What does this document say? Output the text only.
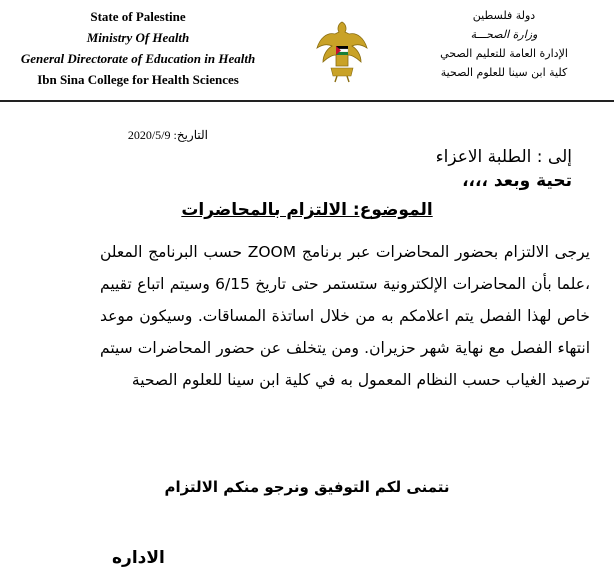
State of Palestine
Ministry Of Health
General Directorate of Education in Health
Ibn Sina College for Health Sciences
دولة فلسطين
وزارة الصحـــة
الإدارة العامة للتعليم الصحي
كلية ابن سينا للعلوم الصحية
التاريخ: 2020/5/9
إلى : الطلبة الاعزاء
تحية وبعد ،،،،
الموضوع: الالتزام بالمحاضرات

يرجى الالتزام بحضور المحاضرات عبر برنامج ZOOM حسب البرنامج المعلن ،علما بأن المحاضرات الإلكترونية ستستمر حتى تاريخ 6/15 وسيتم اتباع تقييم خاص لهذا الفصل يتم اعلامكم به من خلال اساتذة المساقات. وسيكون موعد انتهاء الفصل مع نهاية شهر حزيران. ومن يتخلف عن حضور المحاضرات سيتم ترصيد الغياب حسب النظام المعمول به في كلية ابن سينا للعلوم الصحية

نتمنى لكم التوفيق ونرجو منكم الالتزام
الاداره
